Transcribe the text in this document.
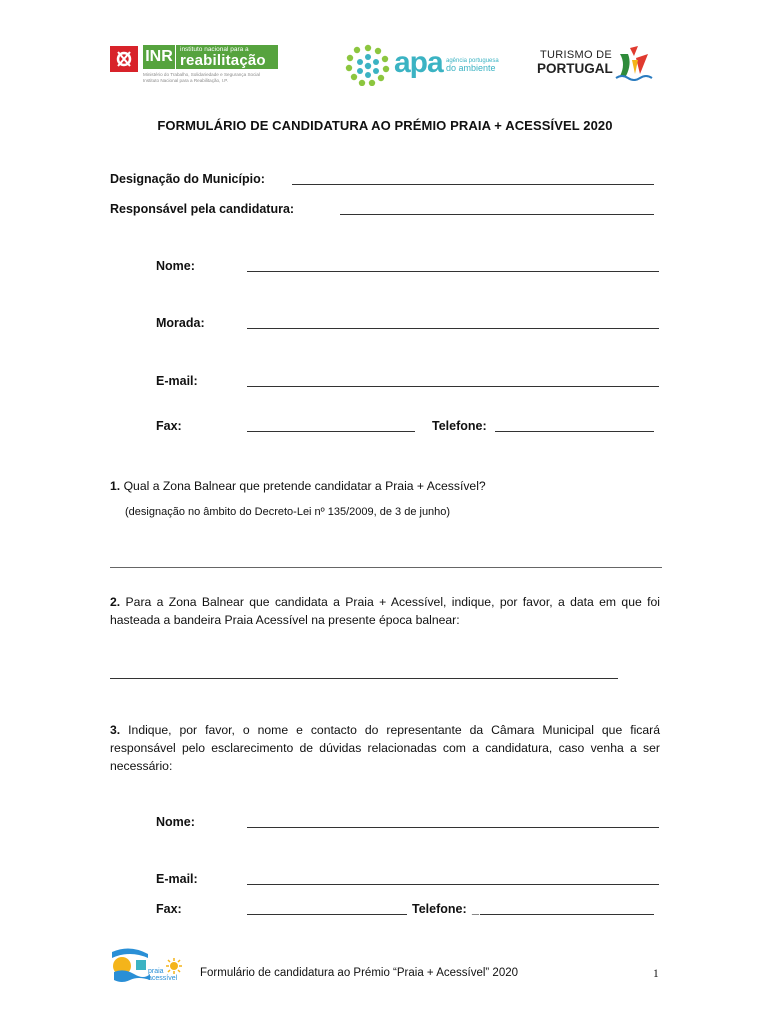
INR	instituto nacional para a
reabilitação
Ministério do Trabalho, Solidariedade e Segurança Social
Instituto Nacional para a Reabilitação, I.P.
apa agência portuguesa
do ambiente
TURISMO DE
PORTUGAL
FORMULÁRIO DE CANDIDATURA AO PRÉMIO PRAIA + ACESSÍVEL 2020
Designação do Município:
Responsável pela candidatura:
Nome:
Morada:
E-mail:
Fax:	Telefone:
1. Qual a Zona Balnear que pretende candidatar a Praia + Acessível?
(designação no âmbito do Decreto-Lei nº 135/2009, de 3 de junho)
2. Para a Zona Balnear que candidata a Praia + Acessível, indique, por favor, a data em que foi hasteada a bandeira Praia Acessível na presente época balnear:
3. Indique, por favor, o nome e contacto do representante da Câmara Municipal que ficará responsável pelo esclarecimento de dúvidas relacionadas com a candidatura, caso venha a ser necessário:
Nome:
E-mail:
Fax:	Telefone: _
praia
acessível Formulário de candidatura ao Prémio “Praia + Acessível” 2020	1
